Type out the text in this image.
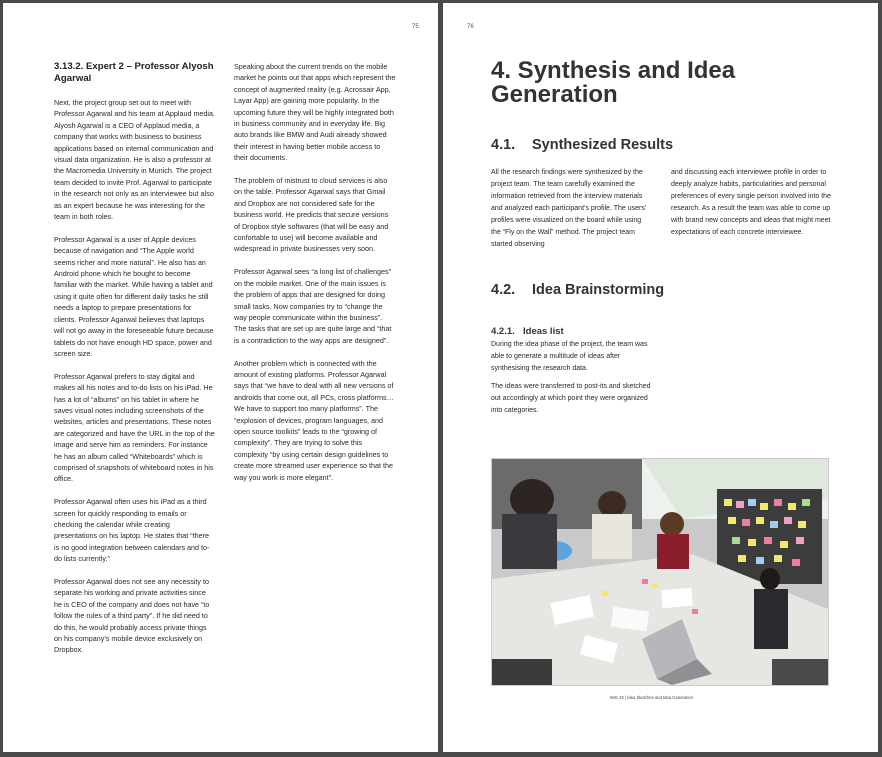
75
3.13.2. Expert 2 – Professor Alyosh Agarwal

Next, the project group set out to meet with Professor Agarwal and his team at Applaud media. Alyosh Agarwal is a CEO of Applaud media, a company that works with business to business applications based on internal communication and visual data organization. He is also a professor at the Macromedia University in Munich. The project team decided to invite Prof. Agarwal to participate in the research not only as an interviewee but also as an expert because he was interesting for the team in both roles.

Professor Agarwal is a user of Apple devices because of navigation and “The Apple world seems richer and more natural”. He also has an Android phone which he bought to become familiar with the market. While having a tablet and using it quite often for different daily tasks he still needs a laptop to prepare presentations for clients. Professor Agarwal believes that laptops will not go away in the foreseeable future because tablets do not have enough HD space, power and screen size.

Professor Agarwal prefers to stay digital and makes all his notes and to-do lists on his iPad. He has a lot of “albums” on his tablet in where he saves visual notes including screenshots of the websites, articles and presentations. These notes are categorized and have the URL in the top of the image and serve him as reminders. For instance he has an album called “Whiteboards” which is comprised of snapshots of whiteboard notes in his office.

Professor Agarwal often uses his iPad as a third screen for quickly responding to emails or checking the calendar while creating presentations on his laptop. He states that “there is no good integration between calendars and to-do lists currently.”

Professor Agarwal does not see any necessity to separate his working and private activities since he is CEO of the company and does not have “to follow the rules of a third party”. If he did need to do this, he would probably access private things on his company’s mobile device exclusively on Dropbox.

Speaking about the current trends on the mobile market he points out that apps which represent the concept of augmented reality (e.g. Acrossair App, Layar App) are gaining more popularity. In the upcoming future they will be highly integrated both in business community and in everyday life. Big auto brands like BMW and Audi already showed their interest in having better mobile access to their documents.

The problem of mistrust to cloud services is also on the table. Professor Agarwal says that Gmail and Dropbox are not considered safe for the business world. He predicts that secure versions of Dropbox style softwares (that will be easy and confortable to use) will become available and widespread in private businesses very soon.

Professor Agarwal sees “a long list of challenges” on the mobile market. One of the main issues is the problem of apps that are designed for doing small tasks. Now companies try to “change the way people communicate within the business”. The tasks that are set up are quite large and “that is a contradiction to the way apps are designed”.

Another problem which is connected with the amount of existing platforms. Professor Agarwal says that “we have to deal with all new versions of androids that come out, all PCs, cross platforms…We have to support too many platforms”. The “explosion of devices, program languages, and open source toolkits” leads to the “growing of complexity”. They are trying to solve this complexity “by using certain design guidelines to create more streamed user experience so that the way you work is more elegant”.

76
4. Synthesis and Idea Generation
4.1. Synthesized Results

All the research findings were synthesized by the project team. The team carefully examined the information retrieved from the interview materials and analyzed each participant’s profile. The users’ profiles were visualized on the board while using the “Fly on the Wall” method. The project team started observing

and discussing each interviewee profile in order to deeply analyze habits, particularities and personal preferences of every single person involved into the research. As a result the team was able to come up with brand new concepts and ideas that might meet expectations of each concrete interviewee.

4.2. Idea Brainstorming
4.2.1. Ideas list

During the idea phase of the project, the team was able to generate a multitude of ideas after synthesising the research data.

The ideas were transferred to post-its and sketched out accordingly at which point they were organized into categories.

IMG 43 | Idea Sketches and Idea Generation
